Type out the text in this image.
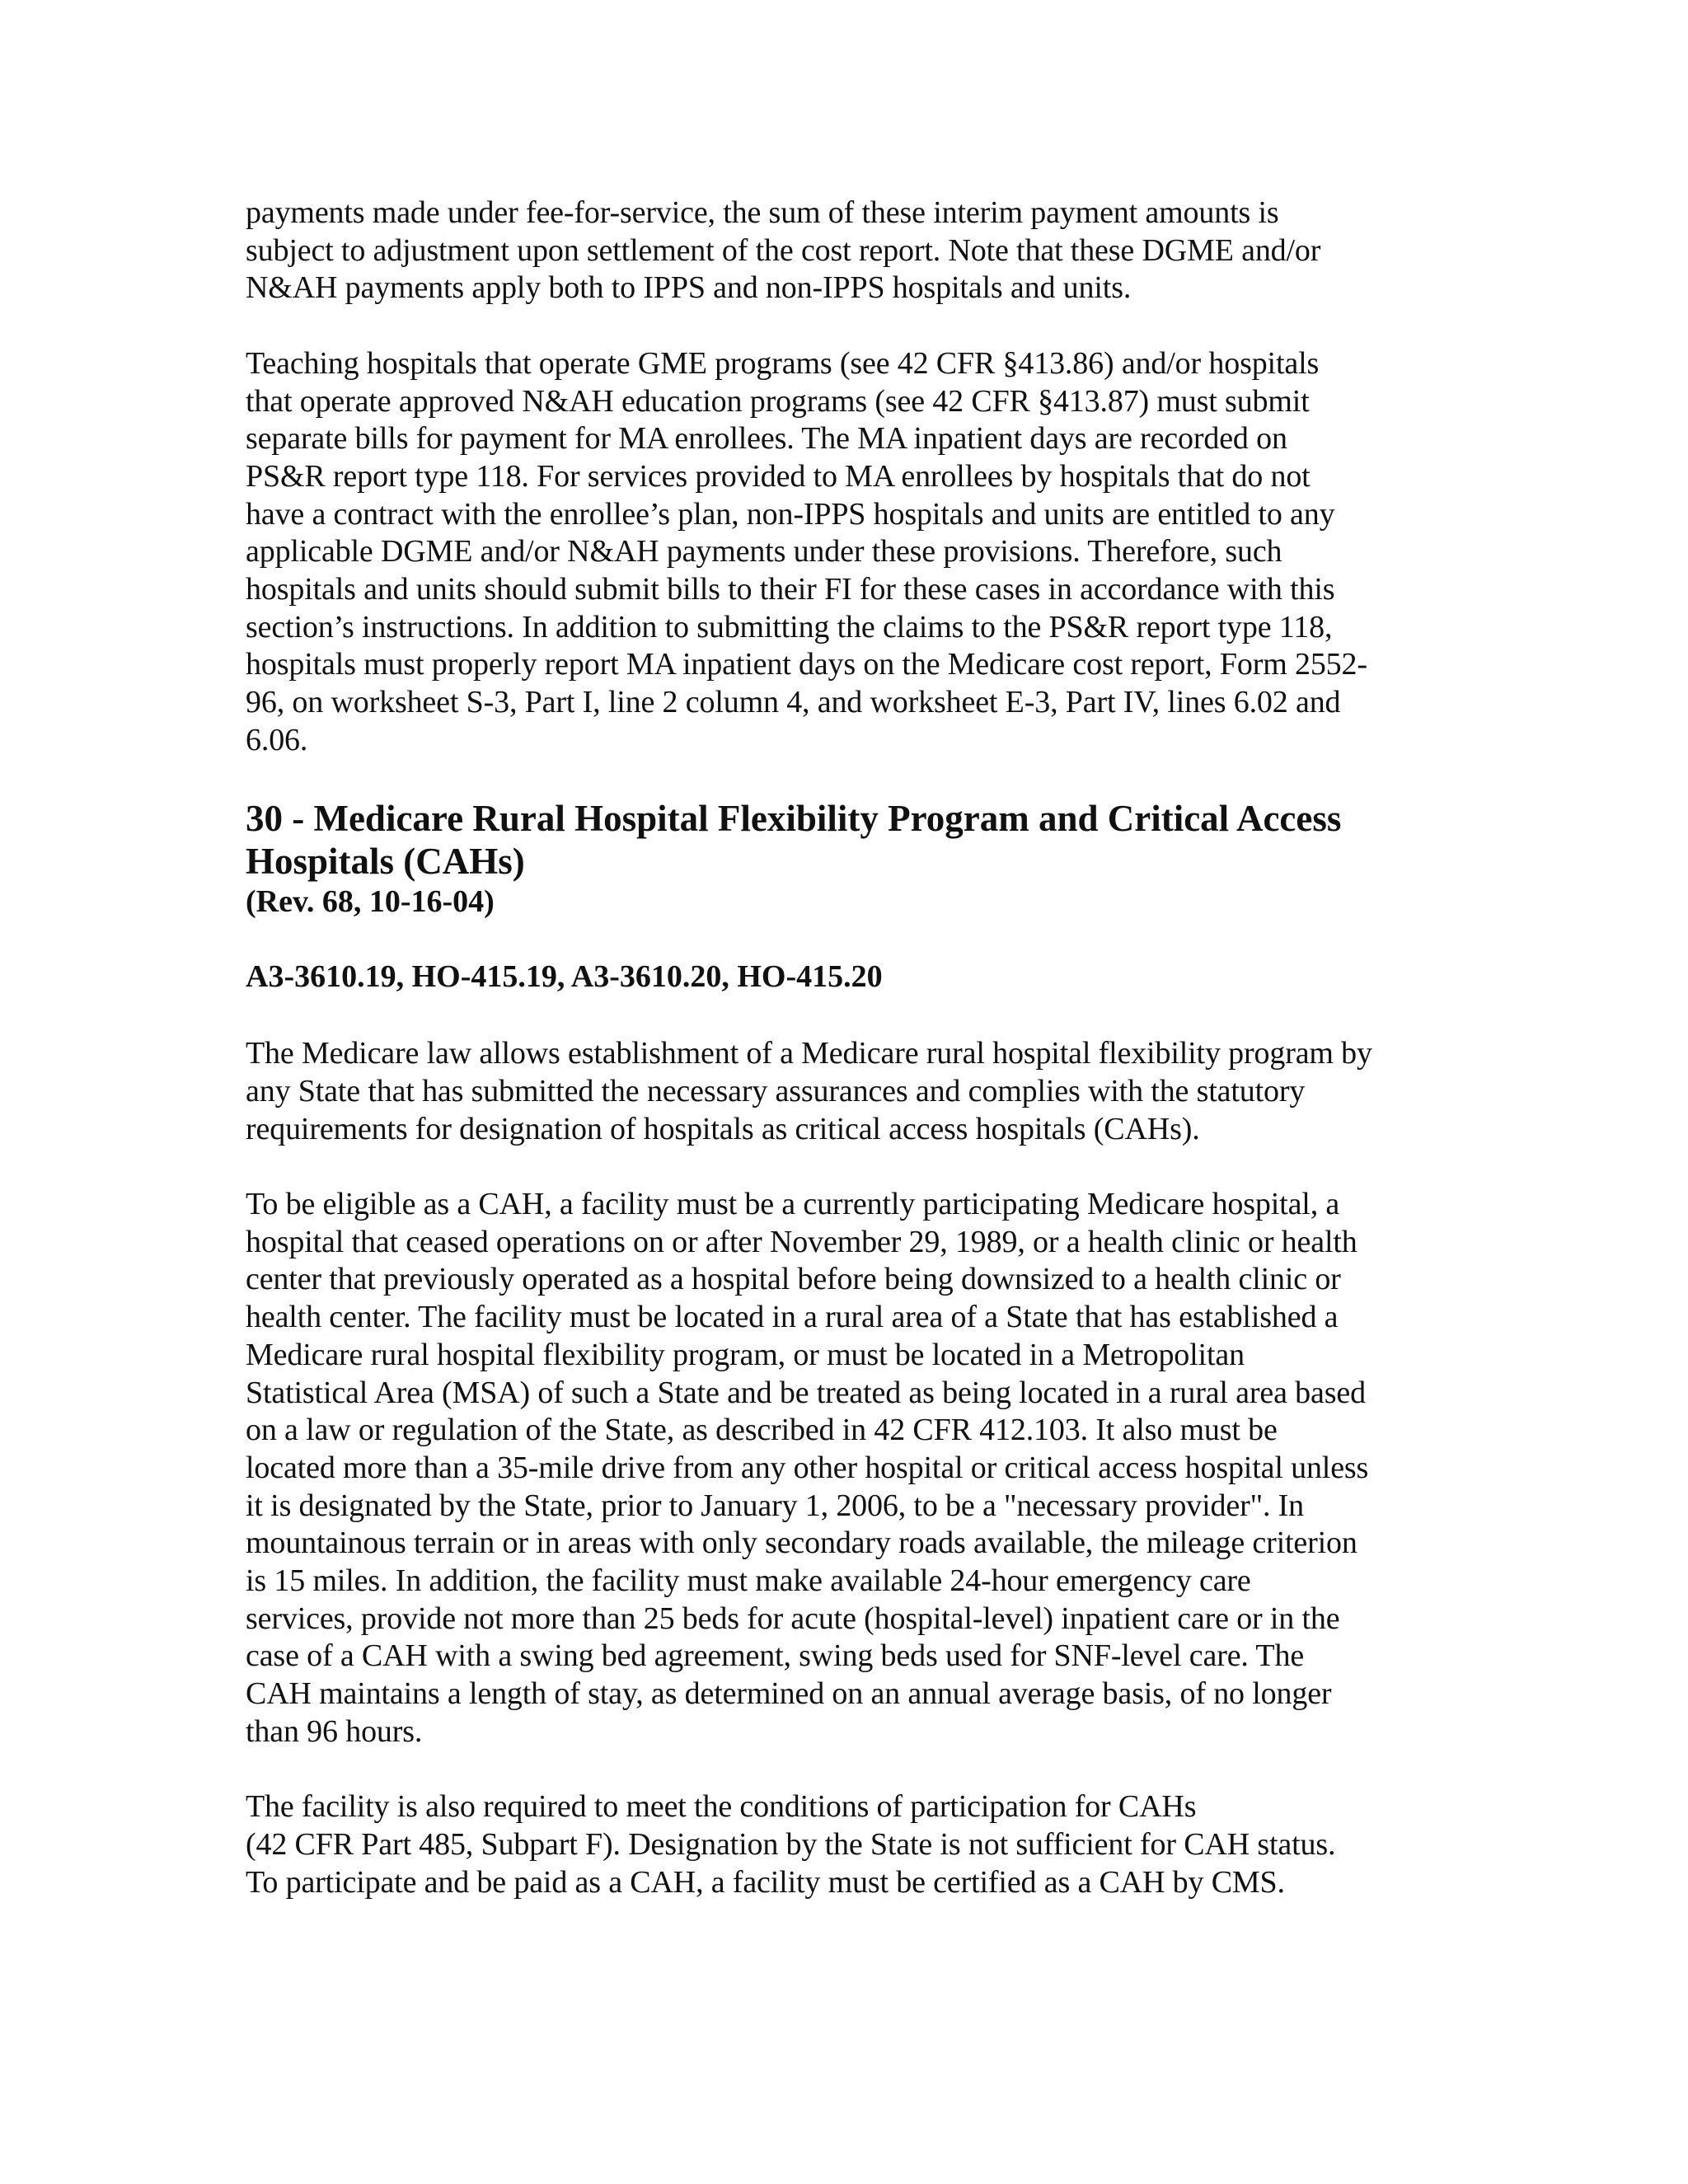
payments made under fee-for-service, the sum of these interim payment amounts is
subject to adjustment upon settlement of the cost report. Note that these DGME and/or
N&AH payments apply both to IPPS and non-IPPS hospitals and units.

Teaching hospitals that operate GME programs (see 42 CFR §413.86) and/or hospitals
that operate approved N&AH education programs (see 42 CFR §413.87) must submit
separate bills for payment for MA enrollees. The MA inpatient days are recorded on
PS&R report type 118. For services provided to MA enrollees by hospitals that do not
have a contract with the enrollee’s plan, non-IPPS hospitals and units are entitled to any
applicable DGME and/or N&AH payments under these provisions. Therefore, such
hospitals and units should submit bills to their FI for these cases in accordance with this
section’s instructions. In addition to submitting the claims to the PS&R report type 118,
hospitals must properly report MA inpatient days on the Medicare cost report, Form 2552-
96, on worksheet S-3, Part I, line 2 column 4, and worksheet E-3, Part IV, lines 6.02 and
6.06.

30 - Medicare Rural Hospital Flexibility Program and Critical Access
Hospitals (CAHs)
(Rev. 68, 10-16-04)
A3-3610.19, HO-415.19, A3-3610.20, HO-415.20

The Medicare law allows establishment of a Medicare rural hospital flexibility program by
any State that has submitted the necessary assurances and complies with the statutory
requirements for designation of hospitals as critical access hospitals (CAHs).

To be eligible as a CAH, a facility must be a currently participating Medicare hospital, a
hospital that ceased operations on or after November 29, 1989, or a health clinic or health
center that previously operated as a hospital before being downsized to a health clinic or
health center. The facility must be located in a rural area of a State that has established a
Medicare rural hospital flexibility program, or must be located in a Metropolitan
Statistical Area (MSA) of such a State and be treated as being located in a rural area based
on a law or regulation of the State, as described in 42 CFR 412.103. It also must be
located more than a 35-mile drive from any other hospital or critical access hospital unless
it is designated by the State, prior to January 1, 2006, to be a "necessary provider". In
mountainous terrain or in areas with only secondary roads available, the mileage criterion
is 15 miles. In addition, the facility must make available 24-hour emergency care
services, provide not more than 25 beds for acute (hospital-level) inpatient care or in the
case of a CAH with a swing bed agreement, swing beds used for SNF-level care. The
CAH maintains a length of stay, as determined on an annual average basis, of no longer
than 96 hours.

The facility is also required to meet the conditions of participation for CAHs
(42 CFR Part 485, Subpart F). Designation by the State is not sufficient for CAH status.
To participate and be paid as a CAH, a facility must be certified as a CAH by CMS.
